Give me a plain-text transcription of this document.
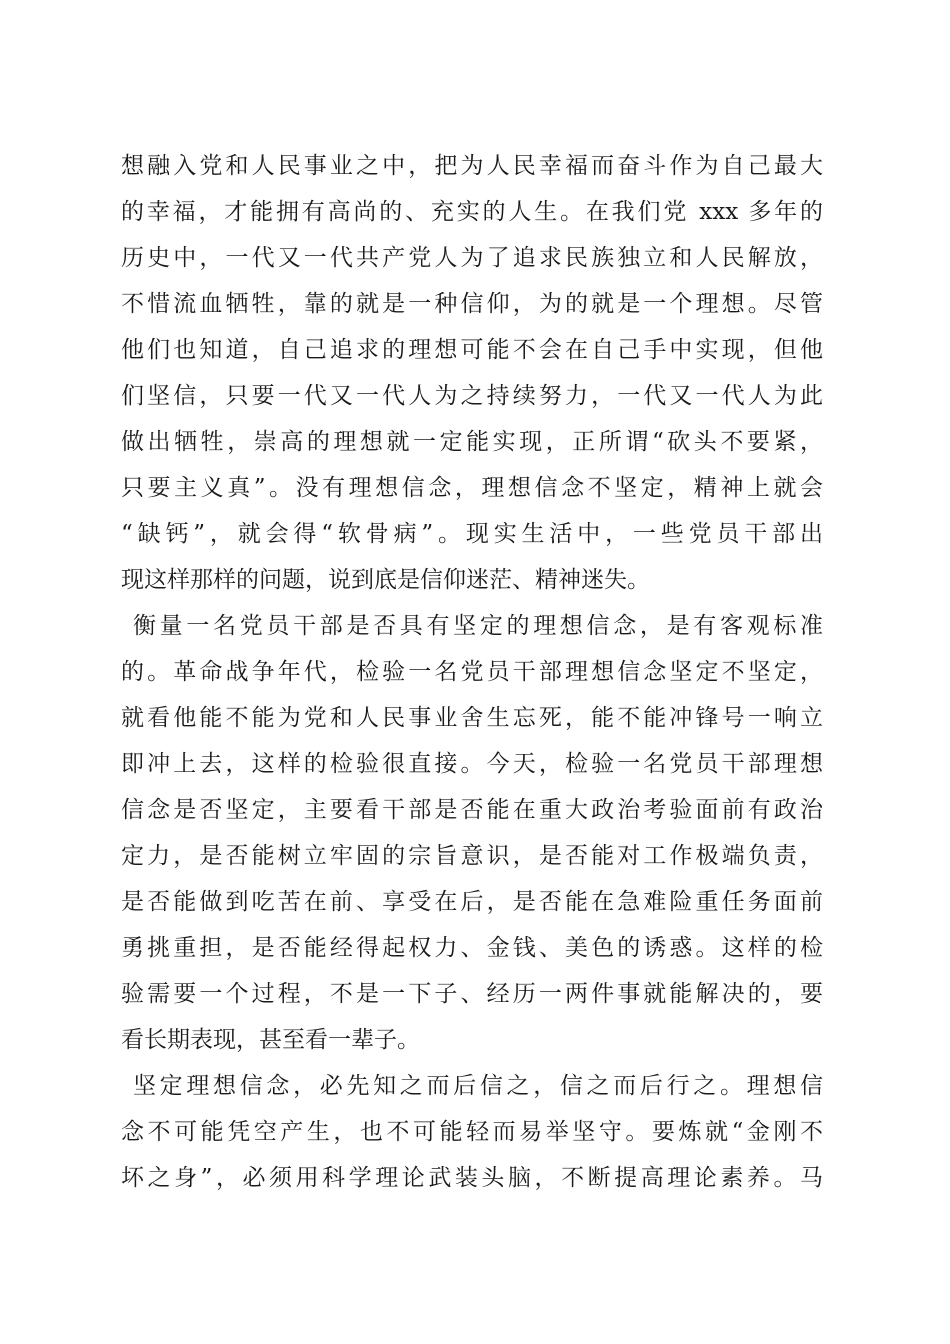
想融入党和人民事业之中，把为人民幸福而奋斗作为自己最大
的幸福，才能拥有高尚的、充实的人生。在我们党 xxx 多年的
历史中，一代又一代共产党人为了追求民族独立和人民解放，
不惜流血牺牲，靠的就是一种信仰，为的就是一个理想。尽管
他们也知道，自己追求的理想可能不会在自己手中实现，但他
们坚信，只要一代又一代人为之持续努力，一代又一代人为此
做出牺牲，崇高的理想就一定能实现，正所谓“砍头不要紧，
只要主义真”。没有理想信念，理想信念不坚定，精神上就会
“缺钙”，就会得“软骨病”。现实生活中，一些党员干部出
现这样那样的问题，说到底是信仰迷茫、精神迷失。
衡量一名党员干部是否具有坚定的理想信念，是有客观标准
的。革命战争年代，检验一名党员干部理想信念坚定不坚定，
就看他能不能为党和人民事业舍生忘死，能不能冲锋号一响立
即冲上去，这样的检验很直接。今天，检验一名党员干部理想
信念是否坚定，主要看干部是否能在重大政治考验面前有政治
定力，是否能树立牢固的宗旨意识，是否能对工作极端负责，
是否能做到吃苦在前、享受在后，是否能在急难险重任务面前
勇挑重担，是否能经得起权力、金钱、美色的诱惑。这样的检
验需要一个过程，不是一下子、经历一两件事就能解决的，要
看长期表现，甚至看一辈子。
坚定理想信念，必先知之而后信之，信之而后行之。理想信
念不可能凭空产生，也不可能轻而易举坚守。要炼就“金刚不
坏之身”，必须用科学理论武装头脑，不断提高理论素养。马
